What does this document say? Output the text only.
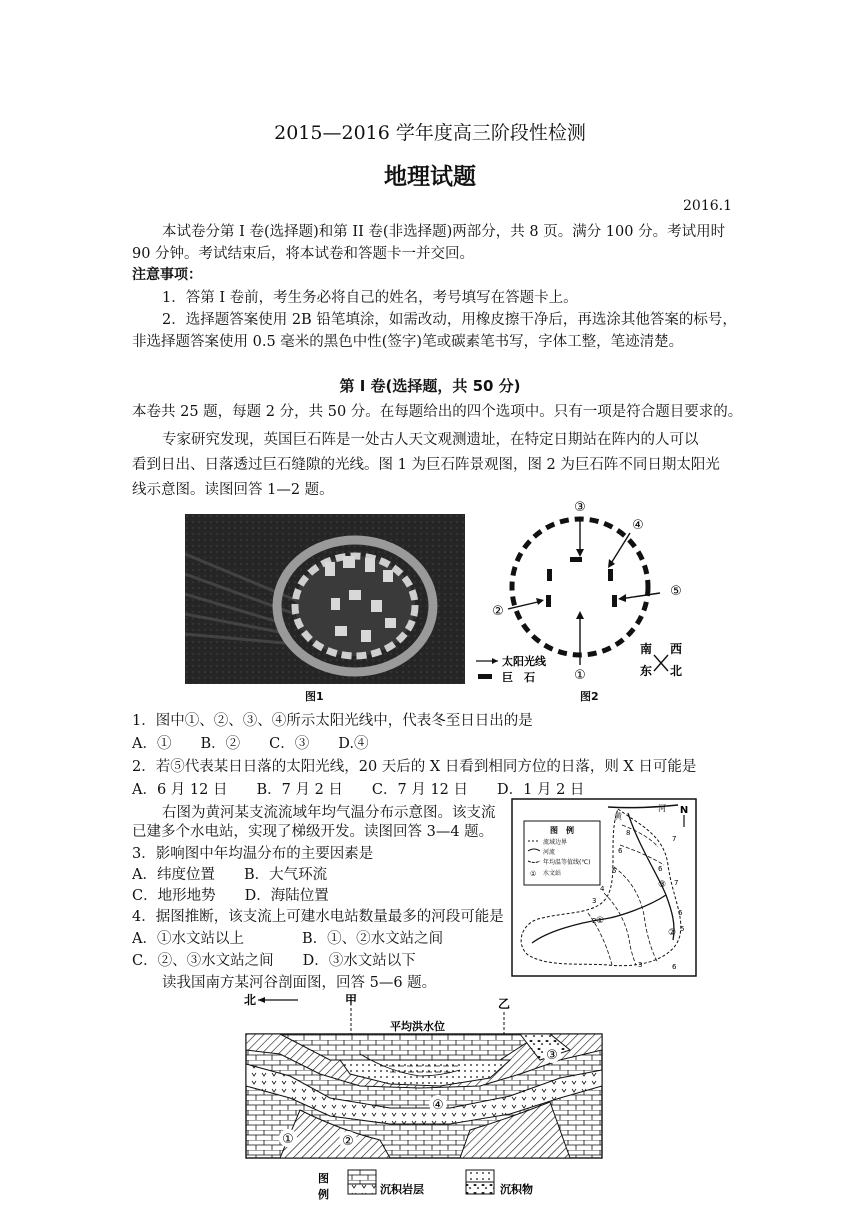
2015—2016 学年度高三阶段性检测
地理试题
2016.1
本试卷分第 I 卷(选择题)和第 II 卷(非选择题)两部分，共 8 页。满分 100 分。考试用时
90 分钟。考试结束后，将本试卷和答题卡一并交回。
注意事项：
1．答第 I 卷前，考生务必将自己的姓名，考号填写在答题卡上。
2．选择题答案使用 2B 铅笔填涂，如需改动，用橡皮擦干净后，再选涂其他答案的标号，
非选择题答案使用 0.5 毫米的黑色中性(签字)笔或碳素笔书写，字体工整，笔迹清楚。
第 I 卷(选择题，共 50 分)
本卷共 25 题，每题 2 分，共 50 分。在每题给出的四个选项中。只有一项是符合题目要求的。
专家研究发现，英国巨石阵是一处古人天文观测遗址，在特定日期站在阵内的人可以
看到日出、日落透过巨石缝隙的光线。图 1 为巨石阵景观图，图 2 为巨石阵不同日期太阳光
线示意图。读图回答 1—2 题。
③
④
⑤
②
①
太阳光线
巨　石
南 西
东 北
图1	图2
1．图中①、②、③、④所示太阳光线中，代表冬至日日出的是
A．①　　B．②　　C．③　　D.④
2．若⑤代表某日日落的太阳光线，20 天后的 X 日看到相同方位的日落，则 X 日可能是
A．6 月 12 日　　B．7 月 2 日　　C．7 月 12 日　　D．1 月 2 日
右图为黄河某支流流域年均气温分布示意图。该支流
已建多个水电站，实现了梯级开发。读图回答 3—4 题。
3．影响图中年均温分布的主要因素是
A．纬度位置　　B．大气环流
C．地形地势　　D．海陆位置
4．据图推断，该支流上可建水电站数量最多的河段可能是
A．①水文站以上　　　　B．①、②水文站之间
C．②、③水文站之间　　D．③水文站以下
读我国南方某河谷剖面图，回答 5—6 题。
图　例
流域边界
河流
年均温等值线(℃)
① 水文站
N
河
黄
8
7
6
5
4
3
2
6
7
3
6
5
6
①
②
③
北	甲	乙
平均洪水位
①	②
③
④
图
例	沉积岩层	沉积物
